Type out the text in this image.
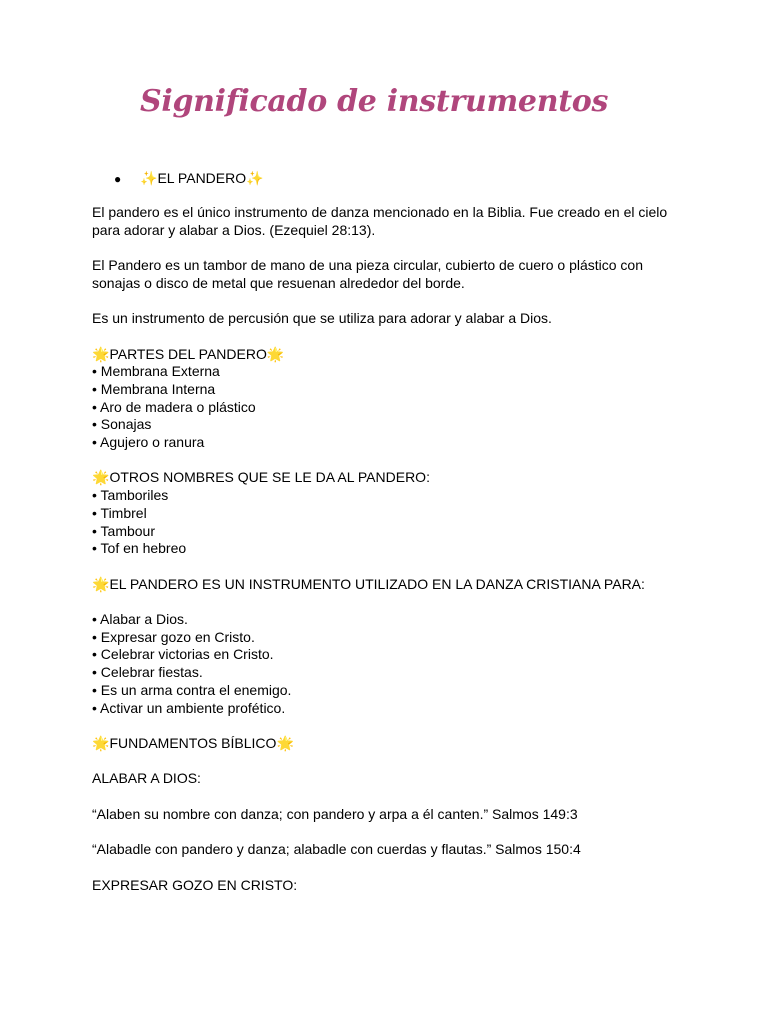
Significado de instrumentos
● ✨EL PANDERO✨

El pandero es el único instrumento de danza mencionado en la Biblia. Fue creado en el cielo para adorar y alabar a Dios. (Ezequiel 28:13).

El Pandero es un tambor de mano de una pieza circular, cubierto de cuero o plástico con sonajas o disco de metal que resuenan alrededor del borde.

Es un instrumento de percusión que se utiliza para adorar y alabar a Dios.

🌟PARTES DEL PANDERO🌟

• Membrana Externa

• Membrana Interna

• Aro de madera o plástico

• Sonajas

• Agujero o ranura

🌟OTROS NOMBRES QUE SE LE DA AL PANDERO:

• Tamboriles

• Timbrel

• Tambour

• Tof en hebreo

🌟EL PANDERO ES UN INSTRUMENTO UTILIZADO EN LA DANZA CRISTIANA PARA:

• Alabar a Dios.

• Expresar gozo en Cristo.

• Celebrar victorias en Cristo.

• Celebrar fiestas.

• Es un arma contra el enemigo.

• Activar un ambiente profético.

🌟FUNDAMENTOS BÍBLICO🌟

ALABAR A DIOS:

“Alaben su nombre con danza; con pandero y arpa a él canten.” Salmos 149:3

“Alabadle con pandero y danza; alabadle con cuerdas y flautas.” Salmos 150:4

EXPRESAR GOZO EN CRISTO:
